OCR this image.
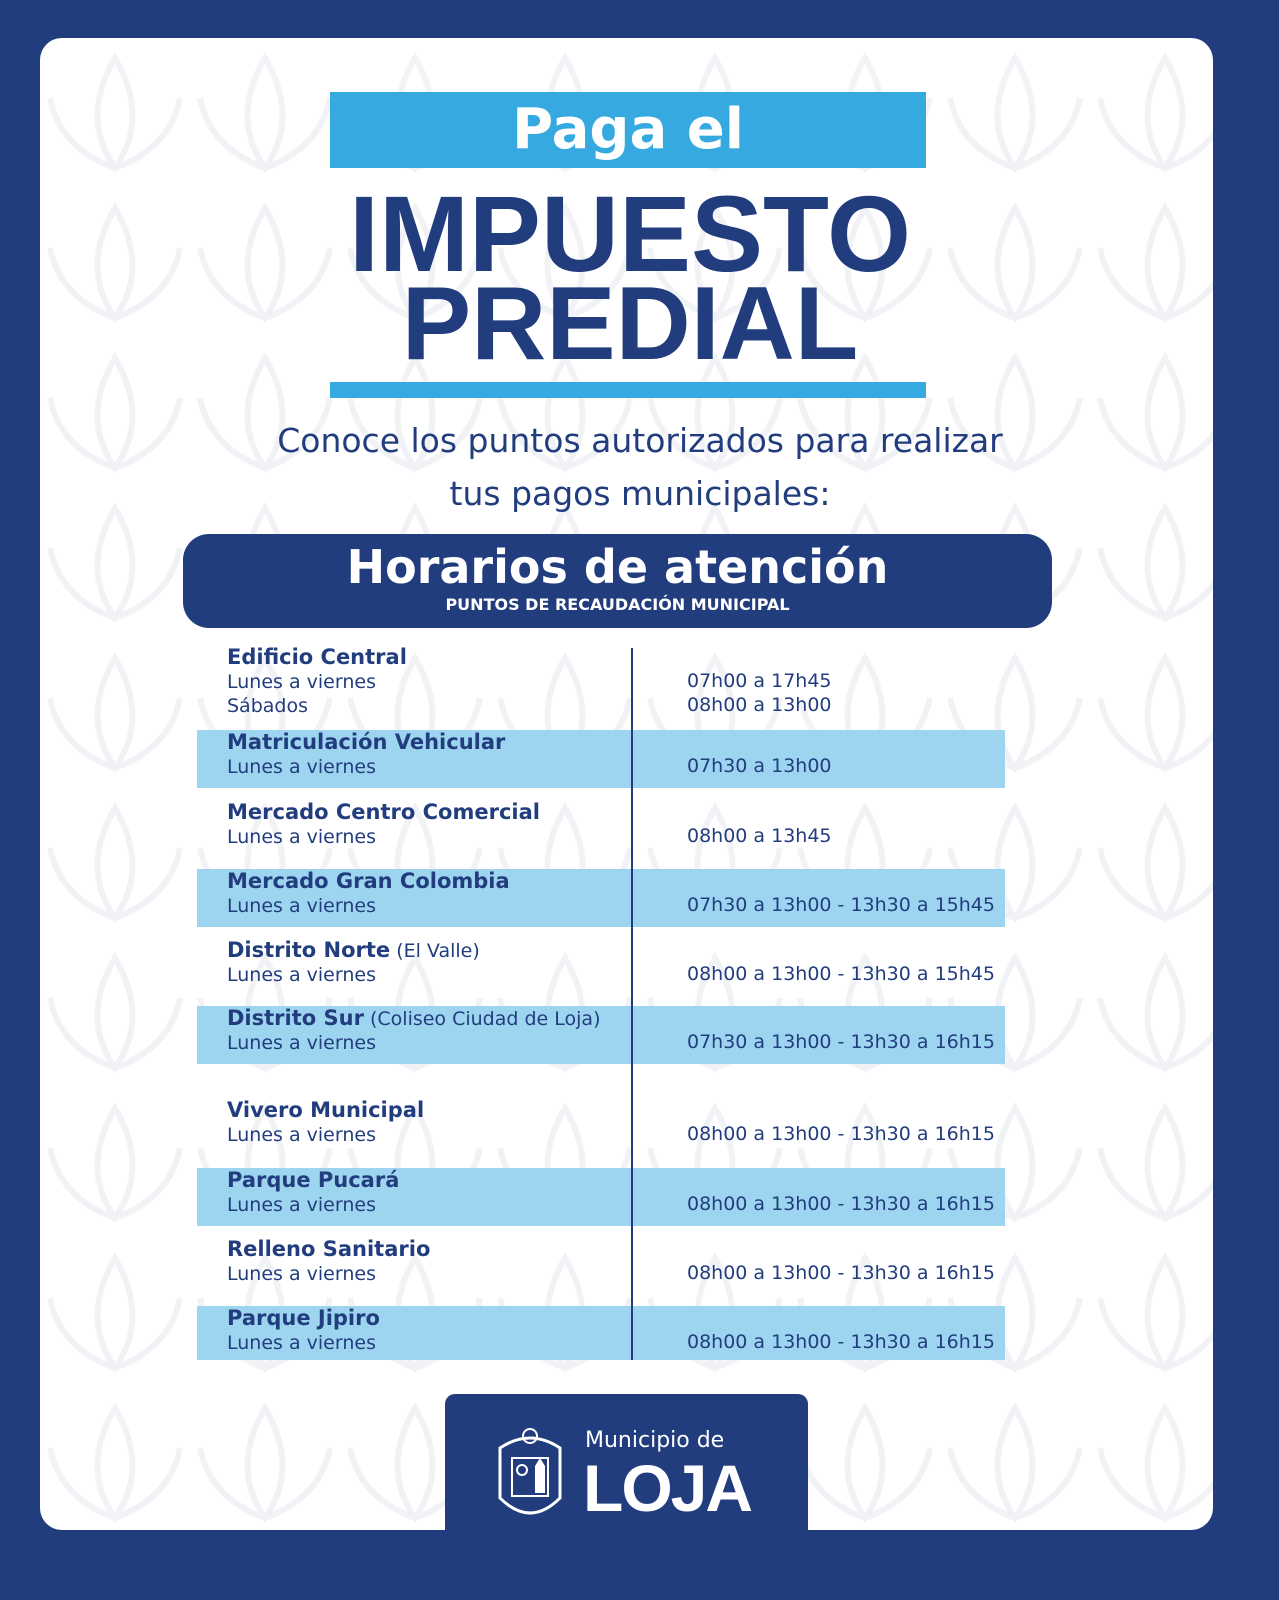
Paga el
IMPUESTO
PREDIAL
Conoce los puntos autorizados para realizar
tus pagos municipales:
Horarios de atención

PUNTOS DE RECAUDACIÓN MUNICIPAL

Edificio Central
Lunes a viernes
Sábados

07h00 a 17h45
08h00 a 13h00
Matriculación Vehicular
Lunes a viernes
	07h30 a 13h00
Mercado Centro Comercial
Lunes a viernes
	08h00 a 13h45
Mercado Gran Colombia
Lunes a viernes
	07h30 a 13h00 - 13h30 a 15h45
Distrito Norte (El Valle)
Lunes a viernes
	08h00 a 13h00 - 13h30 a 15h45
Distrito Sur (Coliseo Ciudad de Loja)
Lunes a viernes
	07h30 a 13h00 - 13h30 a 16h15
Vivero Municipal
Lunes a viernes
	08h00 a 13h00 - 13h30 a 16h15
Parque Pucará
Lunes a viernes
	08h00 a 13h00 - 13h30 a 16h15
Relleno Sanitario
Lunes a viernes
	08h00 a 13h00 - 13h30 a 16h15
Parque Jipiro
Lunes a viernes
	08h00 a 13h00 - 13h30 a 16h15
Municipio de
LOJA
